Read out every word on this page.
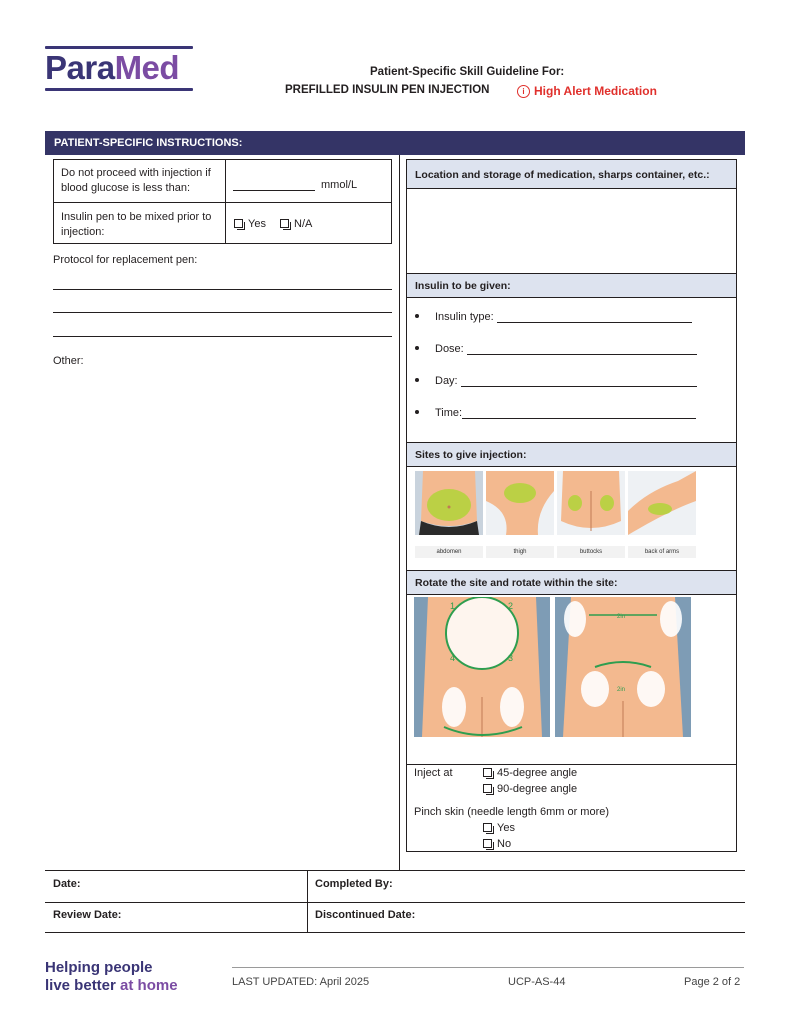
ParaMed	Patient-Specific Skill Guideline For:
PREFILLED INSULIN PEN INJECTION	i High Alert Medication
PATIENT-SPECIFIC INSTRUCTIONS:
Do not proceed with injection if blood glucose is less than:	mmol/L
Insulin pen to be mixed prior to injection:
Yes	N/A
Protocol for replacement pen:
Other:
Location and storage of medication, sharps container, etc.:
Insulin to be given:
Insulin type:
Dose:
Day:
Time:
Sites to give injection:
abdomen	thigh	buttocks	back of arms
Rotate the site and rotate within the site:
1	2
3
4
2in
2in
Inject at	45-degree angle
90-degree angle
Pinch skin (needle length 6mm or more)
Yes
No
Date:	Completed By:
Review Date:	Discontinued Date:
Helping people
live better at home	LAST UPDATED: April 2025	UCP-AS-44	Page 2 of 2
